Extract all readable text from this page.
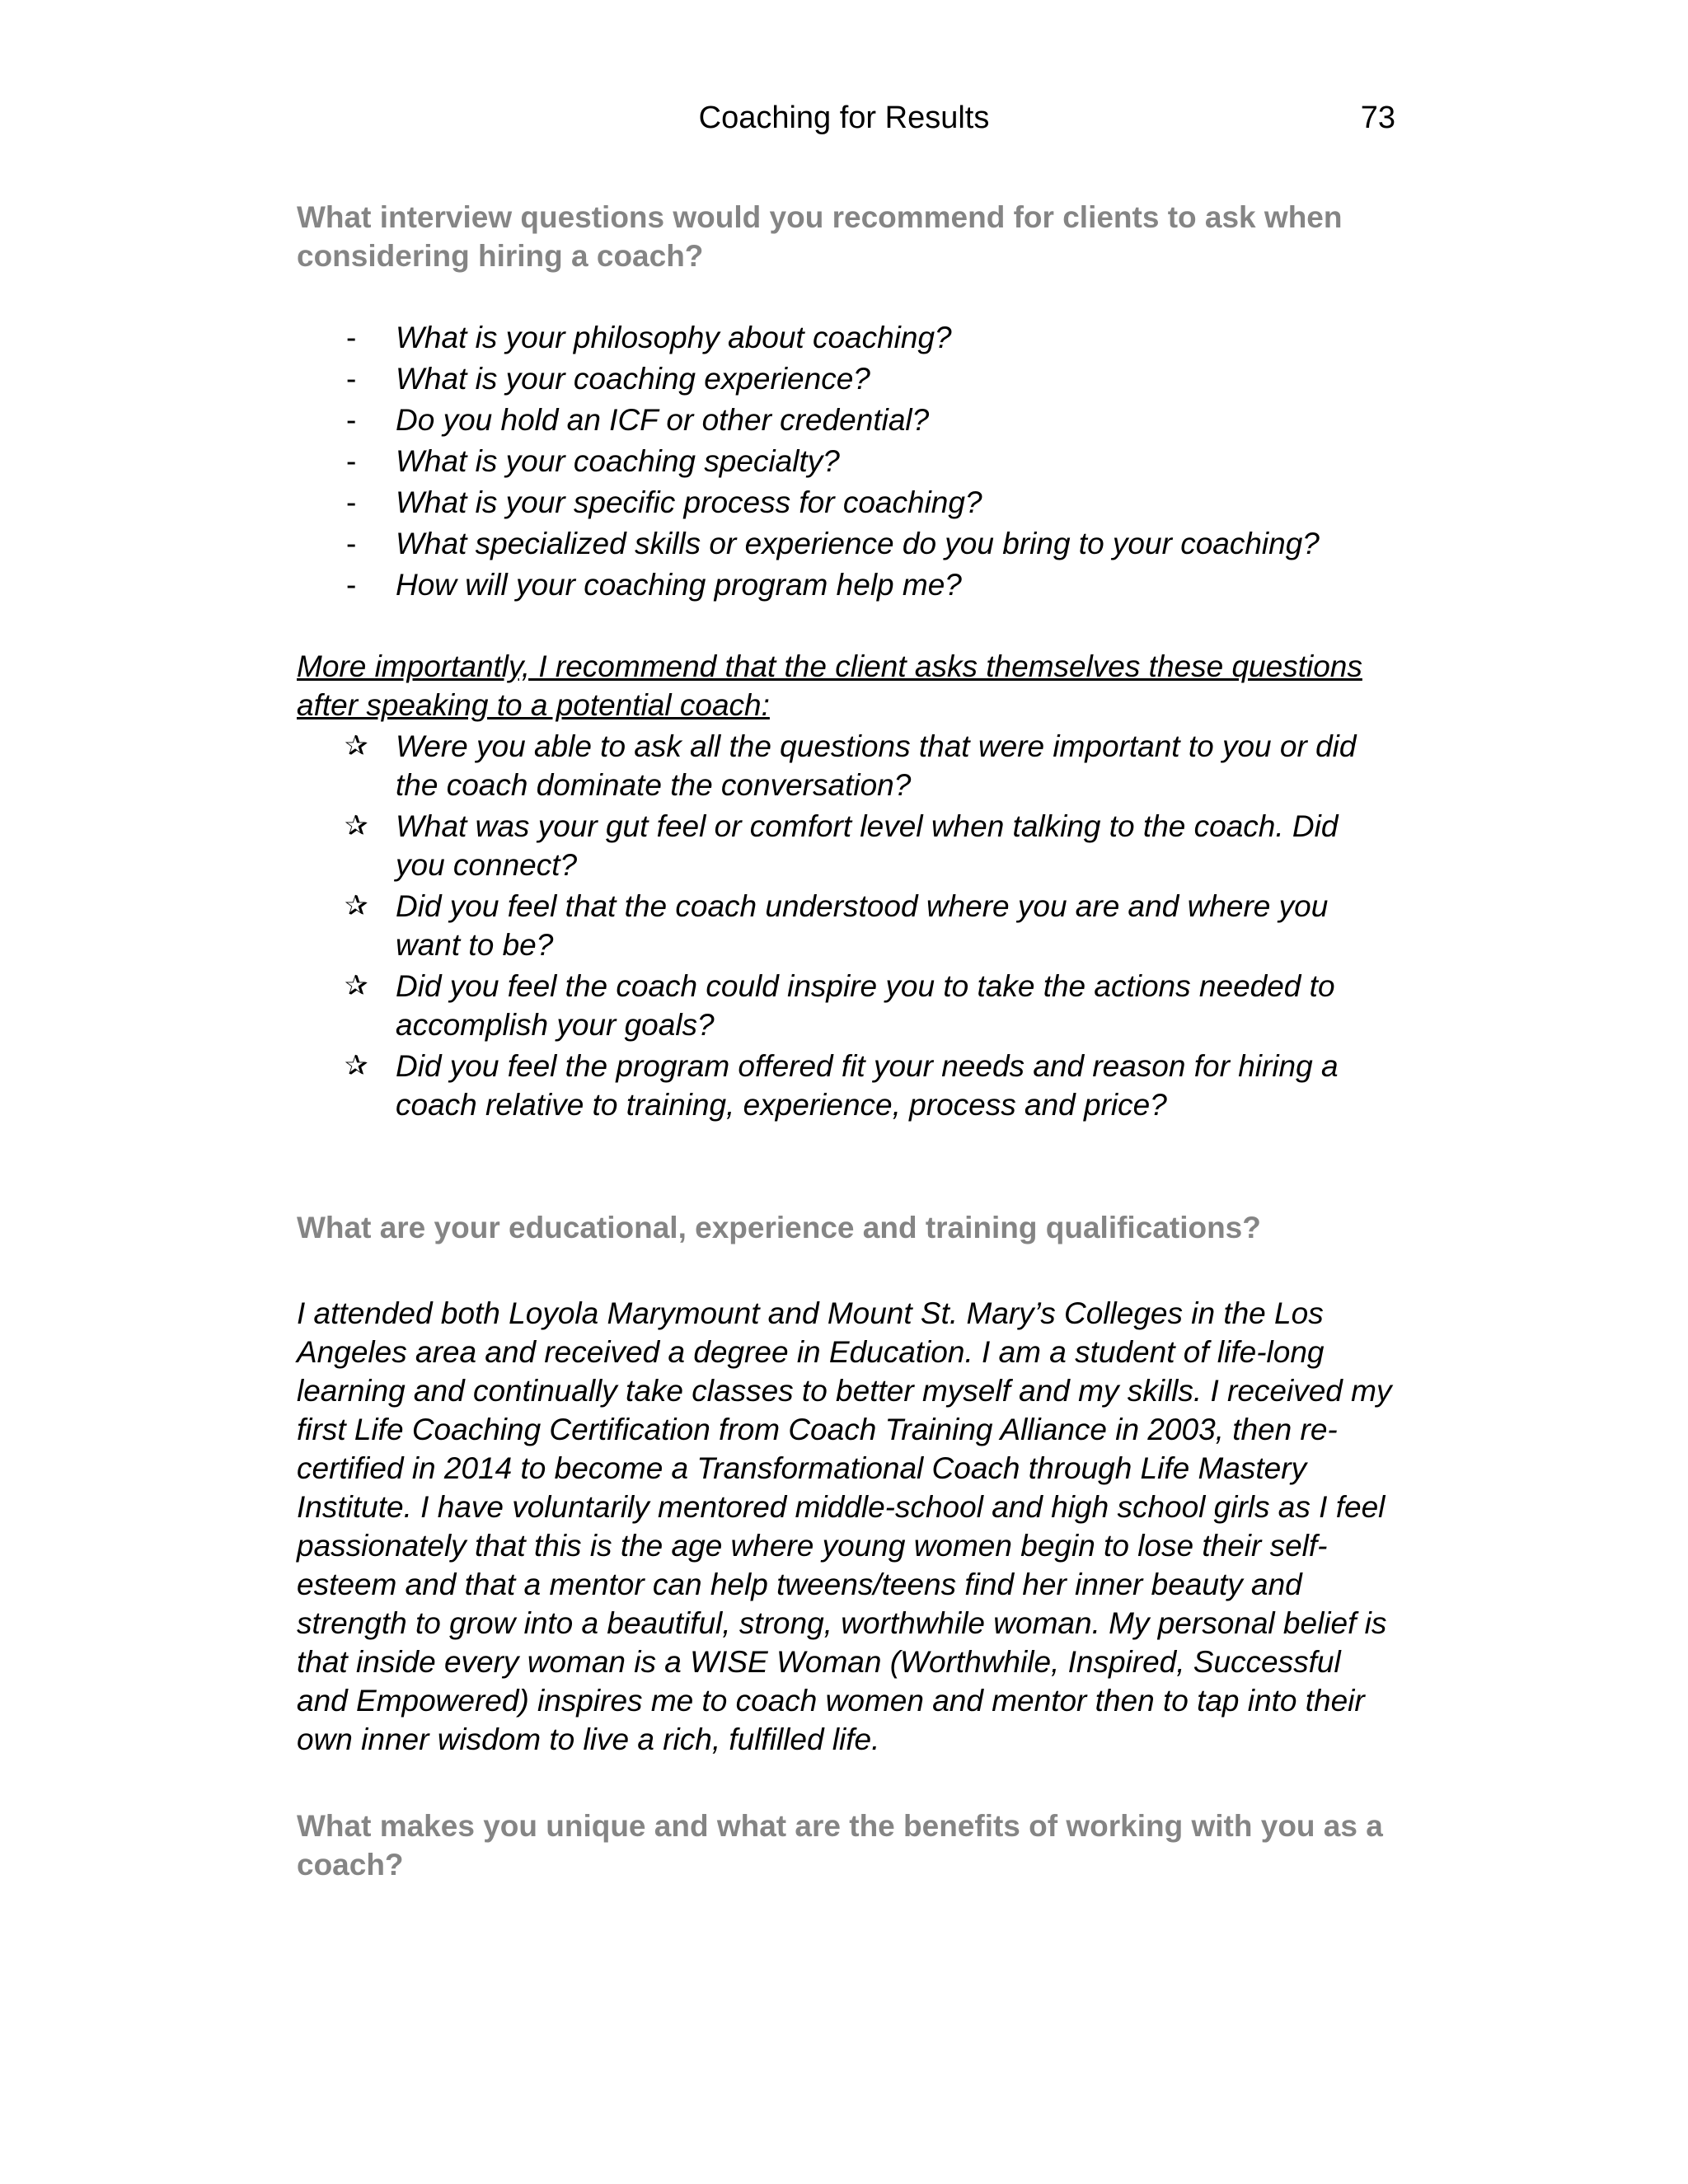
Coaching for Results	73

What interview questions would you recommend for clients to ask when considering hiring a coach?

- What is your philosophy about coaching?
- What is your coaching experience?
- Do you hold an ICF or other credential?
- What is your coaching specialty?
- What is your specific process for coaching?
- What specialized skills or experience do you bring to your coaching?
- How will your coaching program help me?

More importantly, I recommend that the client asks themselves these questions after speaking to a potential coach:

✰ Were you able to ask all the questions that were important to you or did the coach dominate the conversation?
✰ What was your gut feel or comfort level when talking to the coach. Did you connect?
✰ Did you feel that the coach understood where you are and where you want to be?
✰ Did you feel the coach could inspire you to take the actions needed to accomplish your goals?
✰ Did you feel the program offered fit your needs and reason for hiring a coach relative to training, experience, process and price?

What are your educational, experience and training qualifications?

I attended both Loyola Marymount and Mount St. Mary’s Colleges in the Los Angeles area and received a degree in Education. I am a student of life-long learning and continually take classes to better myself and my skills. I received my first Life Coaching Certification from Coach Training Alliance in 2003, then re-certified in 2014 to become a Transformational Coach through Life Mastery Institute. I have voluntarily mentored middle-school and high school girls as I feel passionately that this is the age where young women begin to lose their self-esteem and that a mentor can help tweens/teens find her inner beauty and strength to grow into a beautiful, strong, worthwhile woman. My personal belief is that inside every woman is a WISE Woman (Worthwhile, Inspired, Successful and Empowered) inspires me to coach women and mentor then to tap into their own inner wisdom to live a rich, fulfilled life.

What makes you unique and what are the benefits of working with you as a coach?
